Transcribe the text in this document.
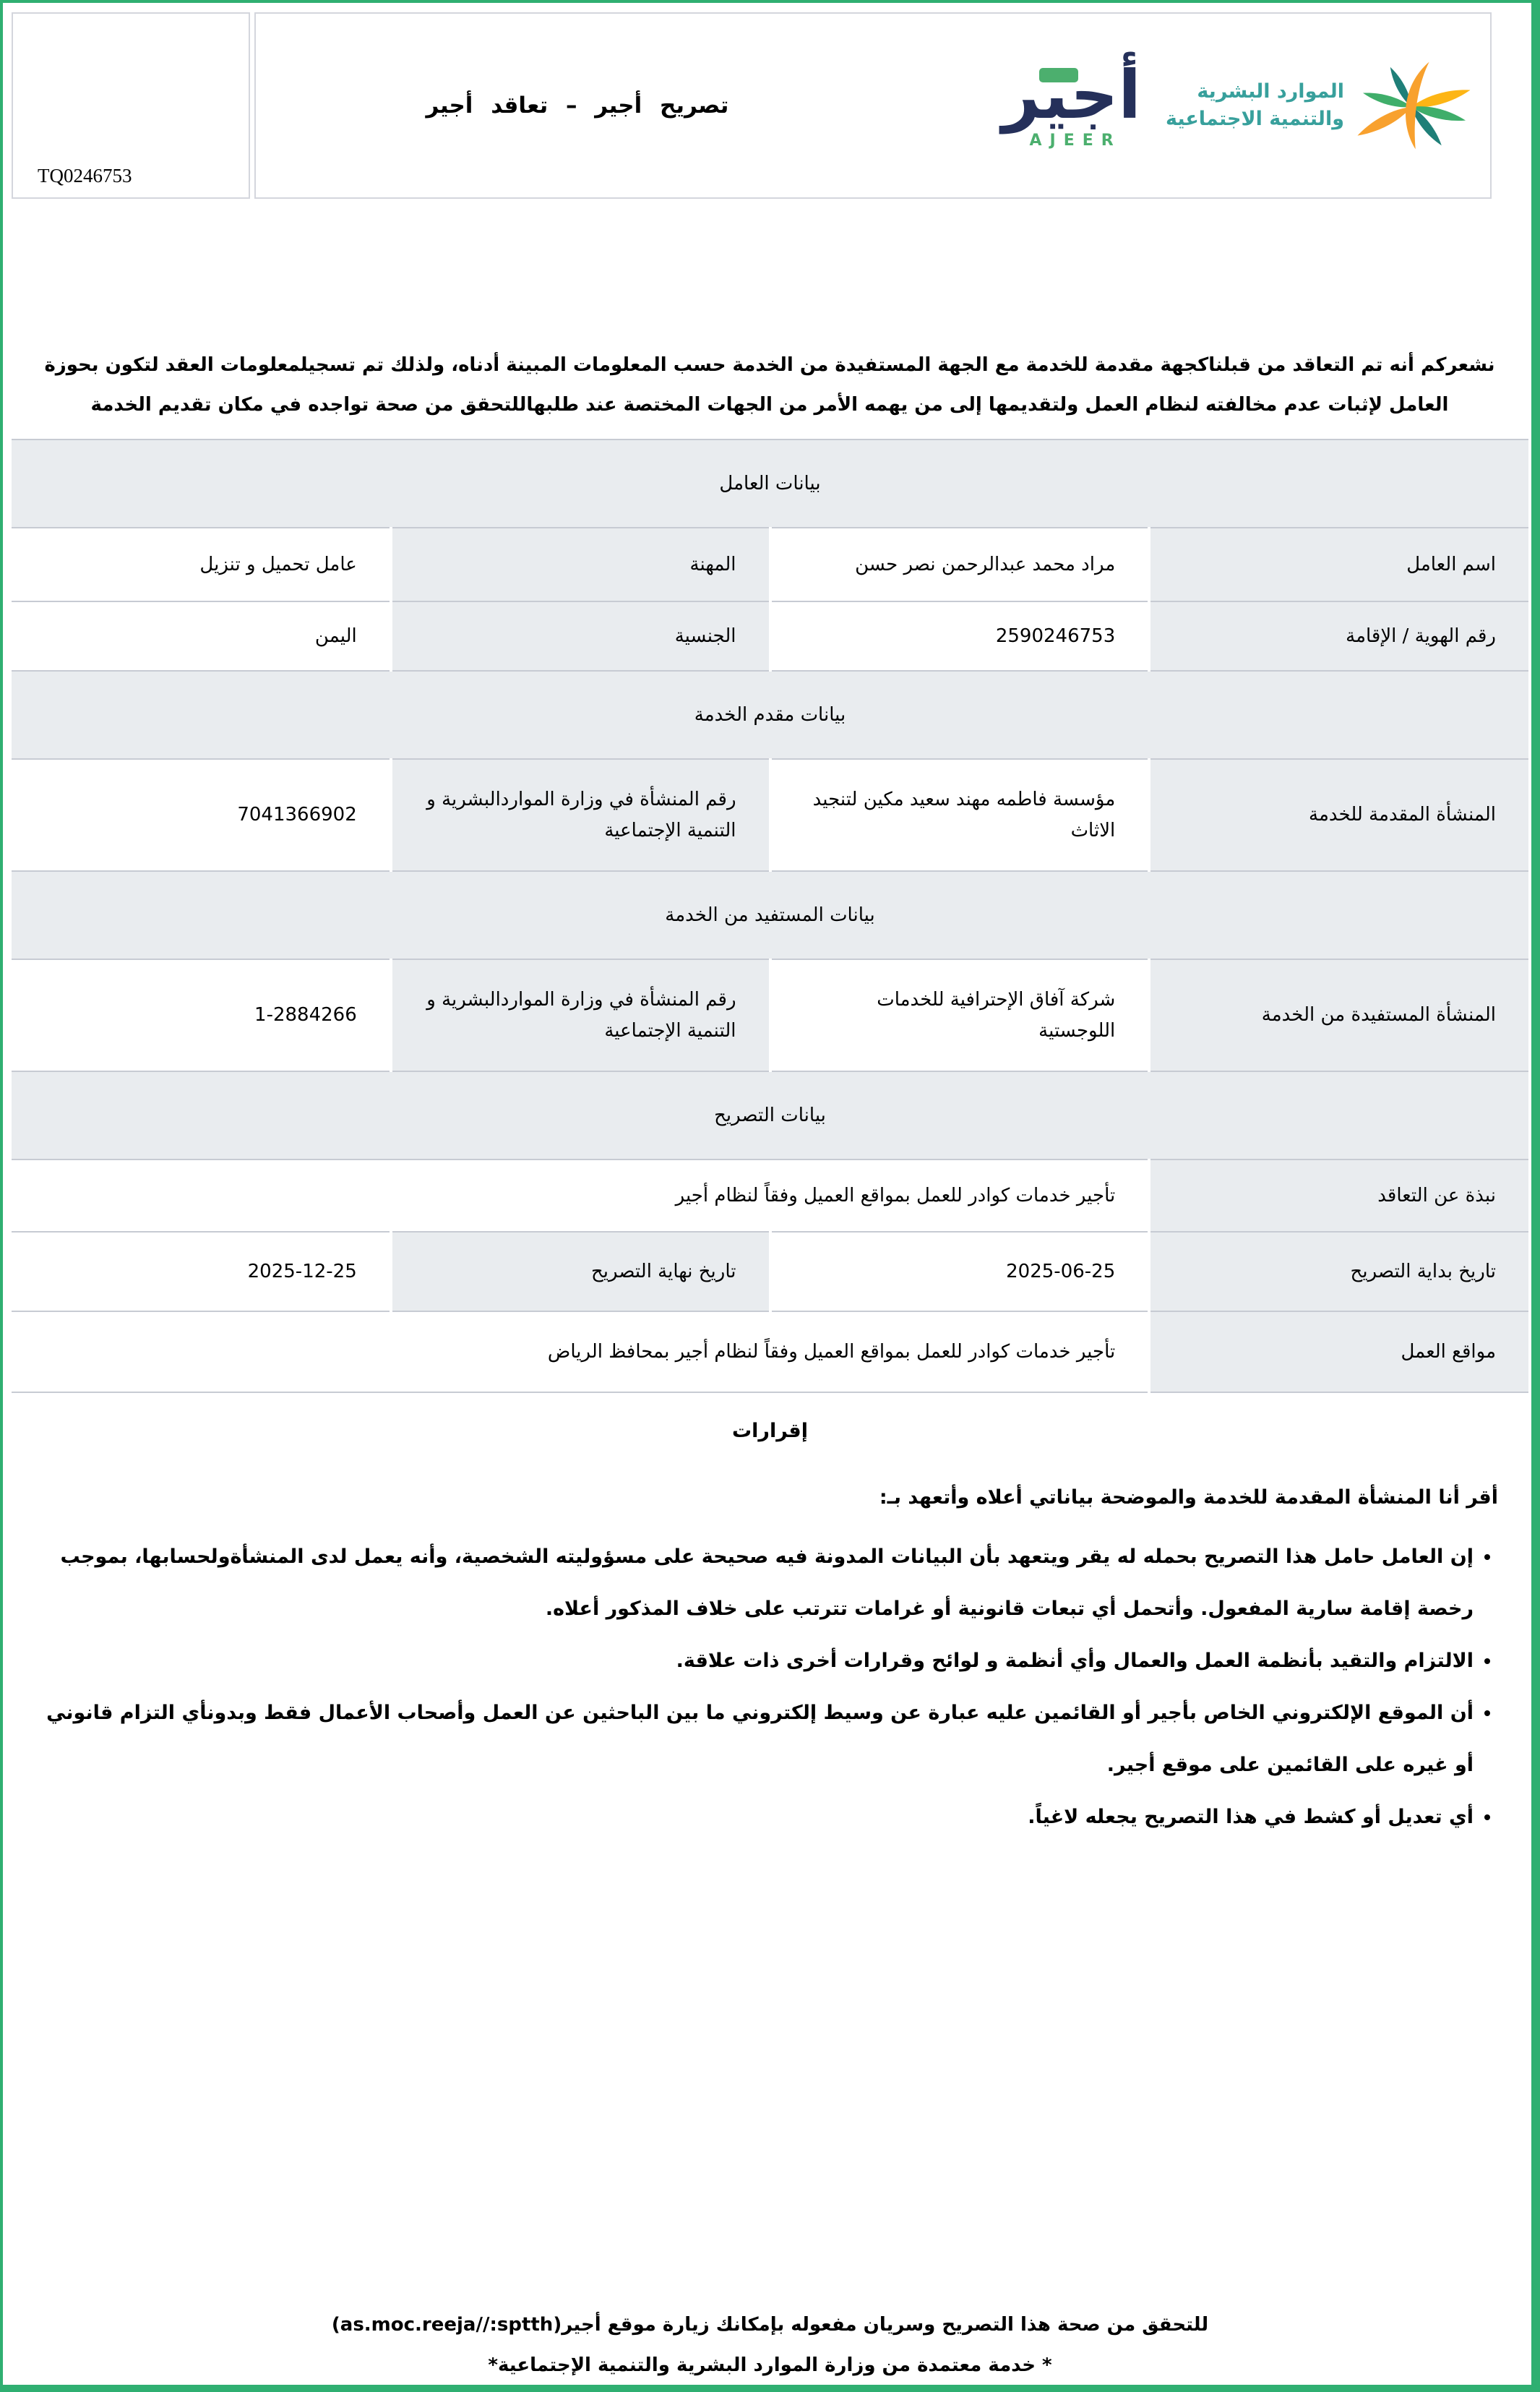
TQ0246753
تصريح أجير – تعاقد أجير	أجير
AJEER
الموارد البشرية
والتنمية الاجتماعية
نشعركم أنه تم التعاقد من قبلناكجهة مقدمة للخدمة مع الجهة المستفيدة من الخدمة حسب المعلومات المبينة أدناه، ولذلك تم تسجيلمعلومات العقد لتكون بحوزة
العامل لإثبات عدم مخالفته لنظام العمل ولتقديمها إلى من يهمه الأمر من الجهات المختصة عند طلبهاللتحقق من صحة تواجده في مكان تقديم الخدمة
بيانات العامل			
اسم العامل	مراد محمد عبدالرحمن نصر حسن	المهنة	عامل تحميل و تنزيل
رقم الهوية / الإقامة	2590246753	الجنسية	اليمن
بيانات مقدم الخدمة			
المنشأة المقدمة للخدمة	مؤسسة فاطمه مهند سعيد مكين لتنجيد الاثاث	رقم المنشأة في وزارة المواردالبشرية و التنمية الإجتماعية	7041366902
بيانات المستفيد من الخدمة			
المنشأة المستفيدة من الخدمة	شركة آفاق الإحترافية للخدمات اللوجستية	رقم المنشأة في وزارة المواردالبشرية و التنمية الإجتماعية	1-2884266
بيانات التصريح			
نبذة عن التعاقد	تأجير خدمات كوادر للعمل بمواقع العميل وفقاً لنظام أجير		
تاريخ بداية التصريح	2025-06-25	تاريخ نهاية التصريح	2025-12-25
مواقع العمل	تأجير خدمات كوادر للعمل بمواقع العميل وفقاً لنظام أجير بمحافظ الرياض		
إقرارات
أقر أنا المنشأة المقدمة للخدمة والموضحة بياناتي أعلاه وأتعهد بـ:
• إن العامل حامل هذا التصريح بحمله له يقر ويتعهد بأن البيانات المدونة فيه صحيحة على مسؤوليته الشخصية، وأنه يعمل لدى المنشأةولحسابها، بموجب رخصة إقامة سارية المفعول. وأتحمل أي تبعات قانونية أو غرامات تترتب على خلاف المذكور أعلاه.
• الالتزام والتقيد بأنظمة العمل والعمال وأي أنظمة و لوائح وقرارات أخرى ذات علاقة.
• أن الموقع الإلكتروني الخاص بأجير أو القائمين عليه عبارة عن وسيط إلكتروني ما بين الباحثين عن العمل وأصحاب الأعمال فقط وبدونأي التزام قانوني أو غيره على القائمين على موقع أجير.
• أي تعديل أو كشط في هذا التصريح يجعله لاغياً.
للتحقق من صحة هذا التصريح وسريان مفعوله بإمكانك زيارة موقع أجير(as.moc.reeja//:sptth)
* خدمة معتمدة من وزارة الموارد البشرية والتنمية الإجتماعية*
